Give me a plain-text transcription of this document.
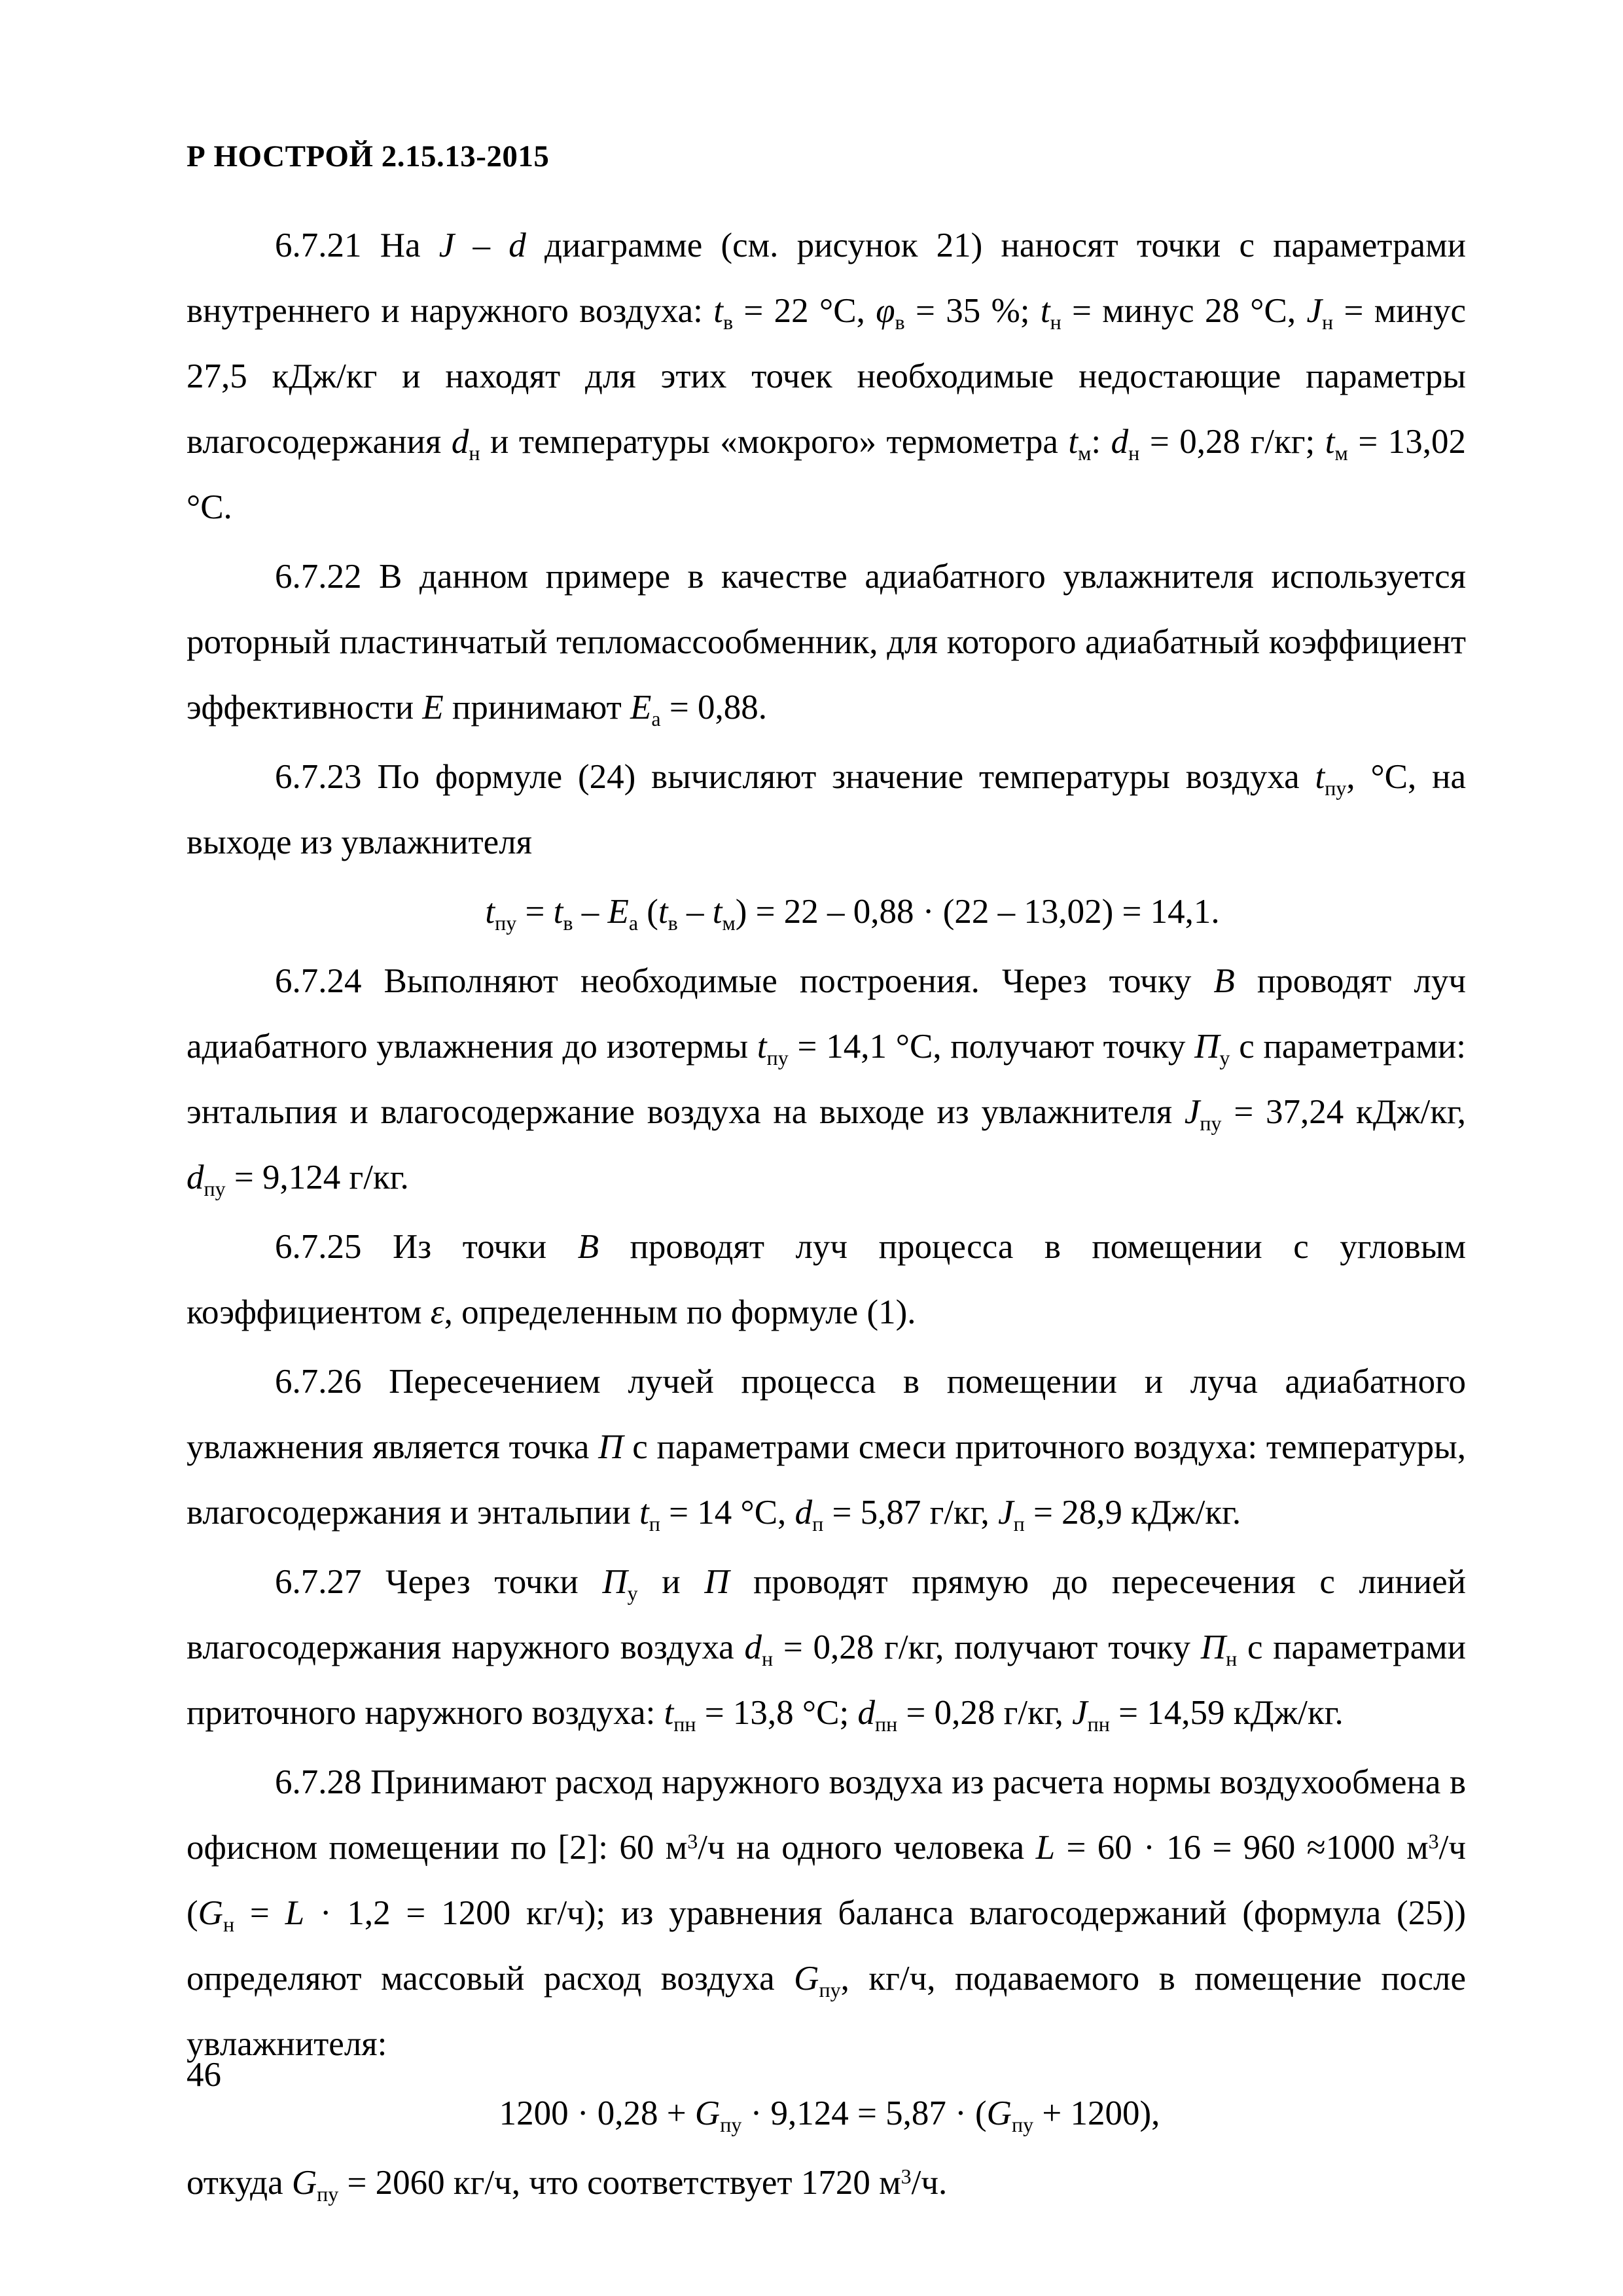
Р НОСТРОЙ 2.15.13-2015

6.7.21 На J – d диаграмме (см. рисунок 21) наносят точки с параметрами внутреннего и наружного воздуха: $t_в = 22$ °С, $\varphi_в = 35$ %; $t_н$ = минус 28 °С, $J_н$ = минус 27,5 кДж/кг и находят для этих точек необходимые недостающие параметры влагосодержания $d_н$ и температуры «мокрого» термометра $t_м$: $d_н = 0,28$ г/кг; $t_м = 13,02$ °С.

6.7.22 В данном примере в качестве адиабатного увлажнителя используется роторный пластинчатый тепломассообменник, для которого адиабатный коэффициент эффективности E принимают $E_а = 0,88$.

6.7.23 По формуле (24) вычисляют значение температуры воздуха $t_{пу}$, °С, на выходе из увлажнителя

$t_{пу} = t_в - E_а$ $(t_в - t_м) = 22 - 0,88 \cdot (22 - 13,02) = 14,1$.

6.7.24 Выполняют необходимые построения. Через точку В проводят луч адиабатного увлажнения до изотермы $t_{пу} = 14,1$ °С, получают точку $П_у$ с параметрами: энтальпия и влагосодержание воздуха на выходе из увлажнителя $J_{пу} = 37,24$ кДж/кг, $d_{пу} = 9,124$ г/кг.

6.7.25 Из точки В проводят луч процесса в помещении с угловым коэффициентом ε, определенным по формуле (1).

6.7.26 Пересечением лучей процесса в помещении и луча адиабатного увлажнения является точка П с параметрами смеси приточного воздуха: температуры, влагосодержания и энтальпии $t_п = 14$ °С, $d_п = 5,87$ г/кг, $J_п = 28,9$ кДж/кг.

6.7.27 Через точки $П_у$ и П проводят прямую до пересечения с линией влагосодержания наружного воздуха $d_н = 0,28$ г/кг, получают точку $П_н$ с параметрами приточного наружного воздуха: $t_{пн} = 13,8$ °С; $d_{пн} = 0,28$ г/кг, $J_{пн} = 14,59$ кДж/кг.

6.7.28 Принимают расход наружного воздуха из расчета нормы воздухообмена в офисном помещении по [2]: 60 $м^3/ч$ на одного человека L = 60 · 16 = 960 ≈1000 $м^3/ч$ ($G_н = L \cdot 1,2 = 1200$ кг/ч); из уравнения баланса влагосодержаний (формула (25)) определяют массовый расход воздуха $G_{пу}$, кг/ч, подаваемого в помещение после увлажнителя:

$1200 \cdot 0,28 + G_{пу} \cdot 9,124 = 5,87 \cdot (G_{пу} + 1200)$,

откуда $G_{пу} = 2060$ кг/ч, что соответствует 1720 $м^3/ч$.

46
